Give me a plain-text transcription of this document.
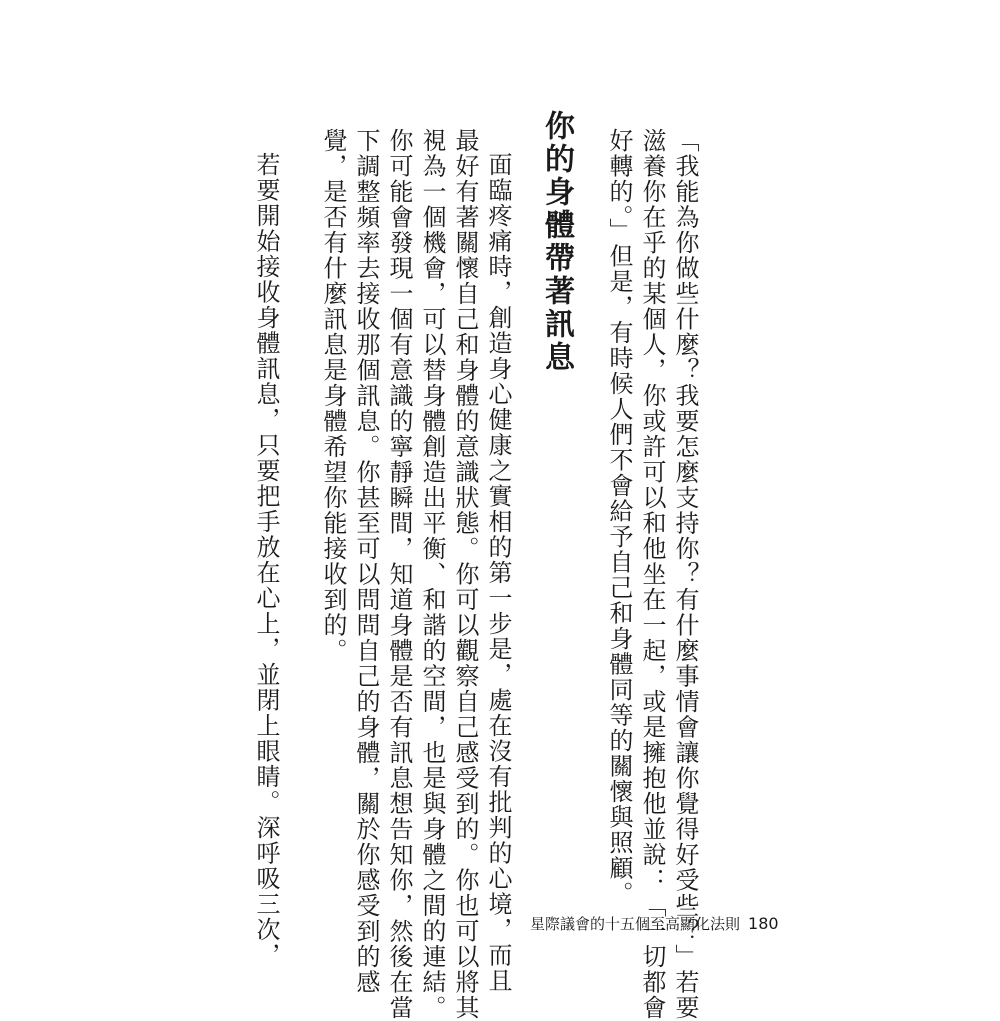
「我能為你做些什麼？我要怎麼支持你？有什麼事情會讓你覺得好受些？」若要
滋養你在乎的某個人，你或許可以和他坐在一起，或是擁抱他並說：「一切都會
好轉的。」但是，有時候人們不會給予自己和身體同等的關懷與照顧。
你的身體帶著訊息
面臨疼痛時，創造身心健康之實相的第一步是，處在沒有批判的心境，而且
最好有著關懷自己和身體的意識狀態。你可以觀察自己感受到的。你也可以將其
視為一個機會，可以替身體創造出平衡、和諧的空間，也是與身體之間的連結。
你可能會發現一個有意識的寧靜瞬間，知道身體是否有訊息想告知你，然後在當
下調整頻率去接收那個訊息。你甚至可以問問自己的身體，關於你感受到的感
覺，是否有什麼訊息是身體希望你能接收到的。
若要開始接收身體訊息，只要把手放在心上，並閉上眼睛。深呼吸三次，	星際議會的十五個至高顯化法則 180
